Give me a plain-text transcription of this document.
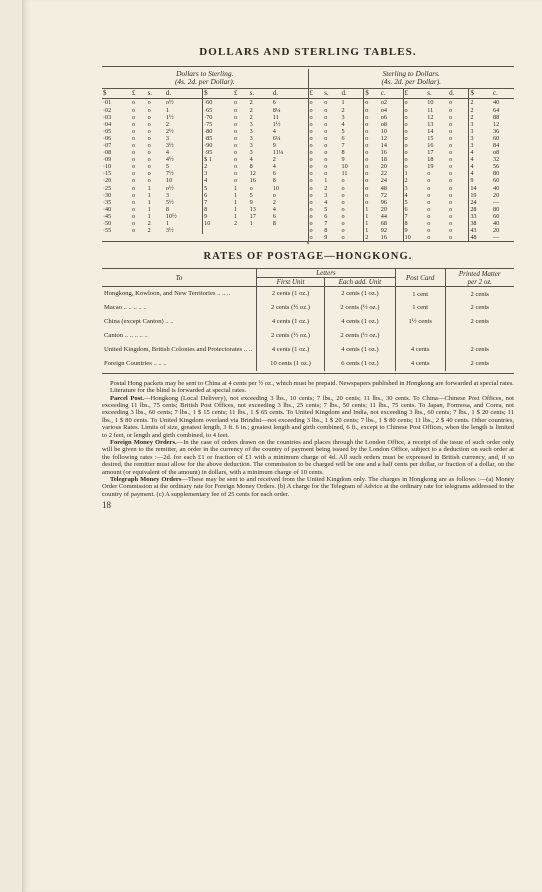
DOLLARS AND STERLING TABLES.
Dollars to Sterling.
(4s. 2d. per Dollar).
$	£	s.	d.	$	£	s.	d.
·01	o	o	o½	·60	o	2	6
·02	o	o	1	·65	o	2	8¼
·03	o	o	1½	·70	o	2	11
·04	o	o	2	·75	o	3	1½
·05	o	o	2½	·80	o	3	4
·06	o	o	3	·85	o	3	6¼
·07	o	o	3½	·90	o	3	9
·08	o	o	4	·95	o	3	11¼
·09	o	o	4½	$ 1	o	4	2
·10	o	o	5	2	o	8	4
·15	o	o	7½	3	o	12	6
·20	o	o	10	4	o	16	8
·25	o	1	o½	5	1	o	10
·30	o	1	3	6	1	5	o
·35	o	1	5½	7	1	9	2
·40	o	1	8	8	1	13	4
·45	o	1	10½	9	1	17	6
·50	o	2	1	10	2	1	8
·55	o	2	3½				
Sterling to Dollars.
(4s. 2d. per Dollar).
£	s.	d.	$	c.	£	s.	d.	$	c.
o	o	1	o	o2	o	10	o	2	40
o	o	2	o	o4	o	11	o	2	64
o	o	3	o	o6	o	12	o	2	88
o	o	4	o	o8	o	13	o	3	12
o	o	5	o	10	o	14	o	3	36
o	o	6	o	12	o	15	o	3	60
o	o	7	o	14	o	16	o	3	84
o	o	8	o	16	o	17	o	4	o8
o	o	9	o	18	o	18	o	4	32
o	o	10	o	20	o	19	o	4	56
o	o	11	o	22	1	o	o	4	80
o	1	o	o	24	2	o	o	9	60
o	2	o	o	48	3	o	o	14	40
o	3	o	o	72	4	o	o	19	20
o	4	o	o	96	5	o	o	24	—
o	5	o	1	20	6	o	o	28	80
o	6	o	1	44	7	o	o	33	60
o	7	o	1	68	8	o	o	38	40
o	8	o	1	92	9	o	o	43	20
o	9	o	2	16	10	o	o	48	—
*
RATES OF POSTAGE—HONGKONG.
To	Letters		Post Card	Printed Matter
	First Unit	Each add. Unit		per 2 oz.
Hongkong, Kowloon, and New Territories .. .. ..	2 cents (1 oz.)	2 cents (1 oz.)	1 cent	2 cents
Macao .. .. .. .. ..	2 cents (½ oz.)	2 cents (½ oz.)	1 cent	2 cents
China (except Canton) .. ..	4 cents (1 oz.)	4 cents (1 oz.)	1½ cents	2 cents
Canton .. .. .. .. ..	2 cents (½ oz.)	2 cents (½ oz.)		
United Kingdom, British Colonies and Protectorates .. ..	4 cents (1 oz.)	4 cents (1 oz.)	4 cents	2 cents
Foreign Countries .. .. ..	10 cents (1 oz.)	6 cents (1 oz.)	4 cents	2 cents

Postal Hong packets may be sent to China at 4 cents per ½ oz., which must be prepaid. Newspapers published in Hongkong are forwarded at special rates.

Literature for the blind is forwarded at special rates.

Parcel Post.—Hongkong (Local Delivery), not exceeding 3 lbs., 10 cents; 7 lbs., 20 cents; 11 lbs., 30 cents. To China—Chinese Post Offices, not exceeding 11 lbs., 75 cents; British Post Offices, not exceeding 3 lbs., 25 cents; 7 lbs., 50 cents; 11 lbs., 75 cents. To Japan, Formosa, and Corea, not exceeding 3 lbs., 60 cents; 7 lbs., 1 $ 15 cents; 11 lbs., 1 $ 65 cents. To United Kingdom and India, not exceeding 3 lbs., 60 cents; 7 lbs., 1 $ 20 cents; 11 lbs., 1 $ 80 cents. To United Kingdom overland via Brindisi—not exceeding 3 lbs., 1 $ 20 cents; 7 lbs., 1 $ 80 cents; 11 lbs., 2 $ 40 cents. Other countries, various Rates. Limits of size, greatest length, 3 ft. 6 in.; greatest length and girth combined, 6 ft., except to Chinese Post Offices, when the length is limited to 2 feet, or length and girth combined, to 4 feet.

Foreign Money Orders.—In the case of orders drawn on the countries and places through the London Office, a receipt of the issue of such order only will be given to the remitter, an order in the currency of the country of payment being issued by the London Office, subject to a deduction on such order at the following rates :—2d. for each £1 or fraction of £1 with a minimum charge of 4d. All such orders must be expressed in British currency, and, if so desired, the remitter must allow for the above deduction. The commission to be charged will be one and a half cents per dollar, or fraction of a dollar, on the amount (or equivalent of the amount) in dollars, with a minimum charge of 10 cents.

Telegraph Money Orders—These may be sent to and received from the United Kingdom only. The charges in Hongkong are as follows :—(a) Money Order Commission at the ordinary rate for Foreign Money Orders. (b) A charge for the Telegram of Advice at the ordinary rate for telegrams addressed to the country of payment. (c) A supplementary fee of 25 cents for each order.

18
